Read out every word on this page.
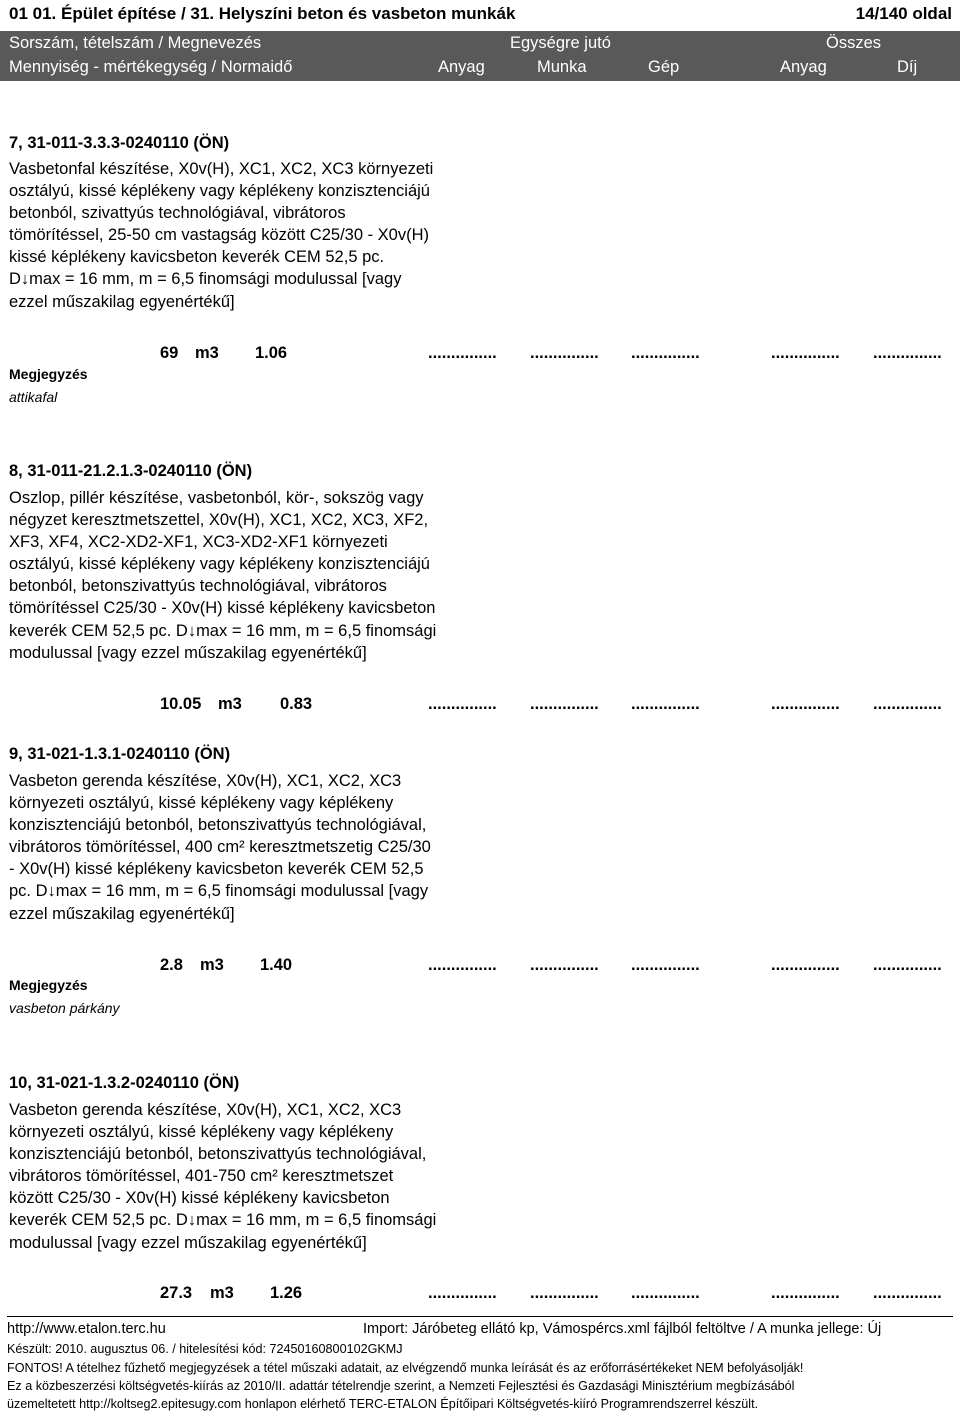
01 01. Épület építése / 31. Helyszíni beton és vasbeton munkák	14/140 oldal
Sorszám, tételszám / Megnevezés	Egységre jutó	Összes
Mennyiség - mértékegység / Normaidő	Anyag	Munka	Gép	Anyag	Díj
7, 31-011-3.3.3-0240110 (ÖN)
Vasbetonfal készítése, X0v(H), XC1, XC2, XC3 környezeti osztályú, kissé képlékeny vagy képlékeny konzisztenciájú betonból, szivattyús technológiával, vibrátoros tömörítéssel, 25-50 cm vastagság között C25/30 - X0v(H) kissé képlékeny kavicsbeton keverék CEM 52,5 pc. D↓max = 16 mm, m = 6,5 finomsági modulussal [vagy ezzel műszakilag egyenértékű]
69 m3 1.06	............... ............... ...............	............... ...............
Megjegyzés
attikafal
8, 31-011-21.2.1.3-0240110 (ÖN)
Oszlop, pillér készítése, vasbetonból, kör-, sokszög vagy négyzet keresztmetszettel, X0v(H), XC1, XC2, XC3, XF2, XF3, XF4, XC2-XD2-XF1, XC3-XD2-XF1 környezeti osztályú, kissé képlékeny vagy képlékeny konzisztenciájú betonból, betonszivattyús technológiával, vibrátoros tömörítéssel C25/30 - X0v(H) kissé képlékeny kavicsbeton keverék CEM 52,5 pc. D↓max = 16 mm, m = 6,5 finomsági modulussal [vagy ezzel műszakilag egyenértékű]
10.05 m3 0.83	............... ............... ...............	............... ...............
9, 31-021-1.3.1-0240110 (ÖN)
Vasbeton gerenda készítése, X0v(H), XC1, XC2, XC3 környezeti osztályú, kissé képlékeny vagy képlékeny konzisztenciájú betonból, betonszivattyús technológiával, vibrátoros tömörítéssel, 400 cm² keresztmetszetig C25/30 - X0v(H) kissé képlékeny kavicsbeton keverék CEM 52,5 pc. D↓max = 16 mm, m = 6,5 finomsági modulussal [vagy ezzel műszakilag egyenértékű]
2.8 m3 1.40	............... ............... ...............	............... ...............
Megjegyzés
vasbeton párkány
10, 31-021-1.3.2-0240110 (ÖN)
Vasbeton gerenda készítése, X0v(H), XC1, XC2, XC3 környezeti osztályú, kissé képlékeny vagy képlékeny konzisztenciájú betonból, betonszivattyús technológiával, vibrátoros tömörítéssel, 401-750 cm² keresztmetszet között C25/30 - X0v(H) kissé képlékeny kavicsbeton keverék CEM 52,5 pc. D↓max = 16 mm, m = 6,5 finomsági modulussal [vagy ezzel műszakilag egyenértékű]
27.3 m3 1.26	............... ............... ...............	............... ...............
http://www.etalon.terc.hu	Import: Járóbeteg ellátó kp, Vámospércs.xml fájlból feltöltve / A munka jellege: Új
Készült: 2010. augusztus 06. / hitelesítési kód: 72450160800102GKMJ
FONTOS! A tételhez fűzhető megjegyzések a tétel műszaki adatait, az elvégzendő munka leírását és az erőforrásértékeket NEM befolyásolják!
Ez a közbeszerzési költségvetés-kiírás az 2010/II. adattár tételrendje szerint, a Nemzeti Fejlesztési és Gazdasági Minisztérium megbízásából
üzemeltetett http://koltseg2.epitesugy.com honlapon elérhető TERC-ETALON Építőipari Költségvetés-kiíró Programrendszerrel készült.
